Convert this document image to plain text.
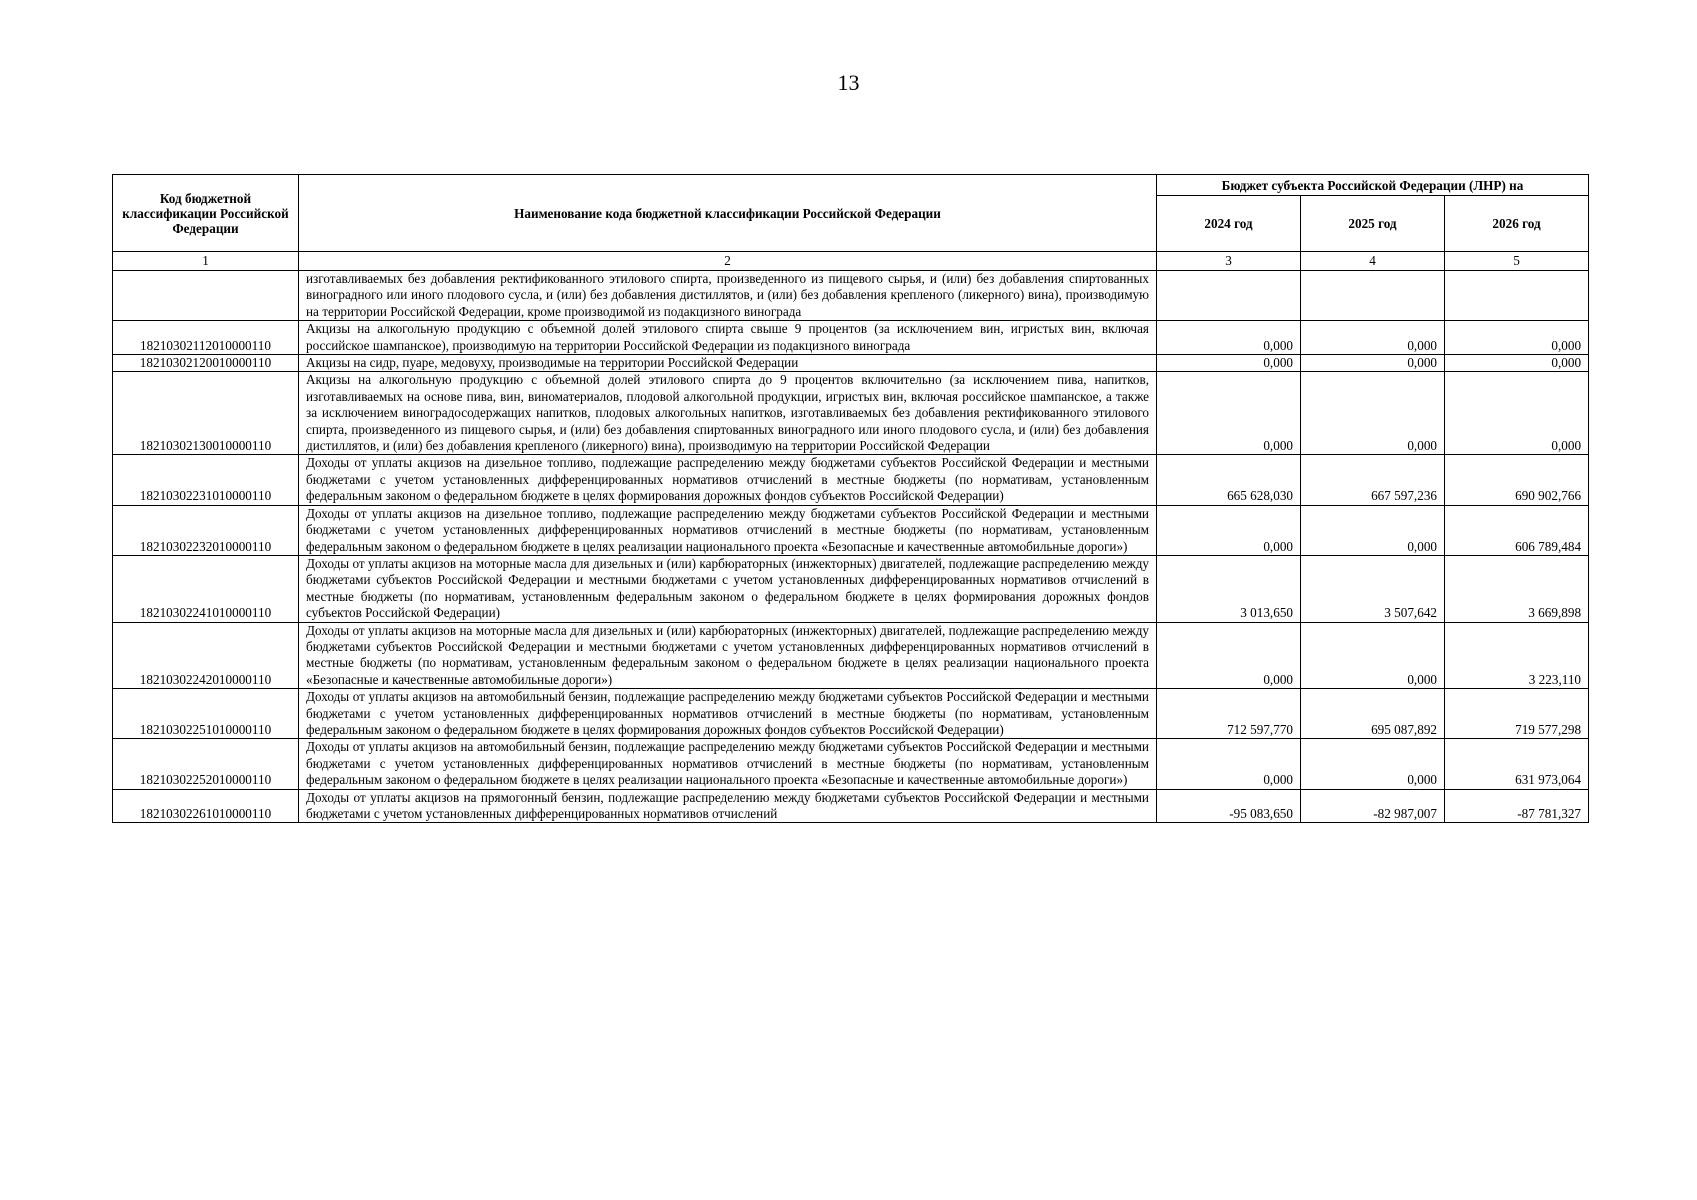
13
Код бюджетной классификации Российской Федерации	Наименование кода бюджетной классификации Российской Федерации	Бюджет субъекта Российской Федерации (ЛНР) на		
		2024 год	2025 год	2026 год
1	2	3	4	5
	изготавливаемых без добавления ректификованного этилового спирта, произведенного из пищевого сырья, и (или) без добавления спиртованных виноградного или иного плодового сусла, и (или) без добавления дистиллятов, и (или) без добавления крепленого (ликерного) вина), производимую на территории Российской Федерации, кроме производимой из подакцизного винограда			
18210302112010000110	Акцизы на алкогольную продукцию с объемной долей этилового спирта свыше 9 процентов (за исключением вин, игристых вин, включая российское шампанское), производимую на территории Российской Федерации из подакцизного винограда	0,000	0,000	0,000
18210302120010000110	Акцизы на сидр, пуаре, медовуху, производимые на территории Российской Федерации	0,000	0,000	0,000
18210302130010000110	Акцизы на алкогольную продукцию с объемной долей этилового спирта до 9 процентов включительно (за исключением пива, напитков, изготавливаемых на основе пива, вин, виноматериалов, плодовой алкогольной продукции, игристых вин, включая российское шампанское, а также за исключением виноградосодержащих напитков, плодовых алкогольных напитков, изготавливаемых без добавления ректификованного этилового спирта, произведенного из пищевого сырья, и (или) без добавления спиртованных виноградного или иного плодового сусла, и (или) без добавления дистиллятов, и (или) без добавления крепленого (ликерного) вина), производимую на территории Российской Федерации	0,000	0,000	0,000
18210302231010000110	Доходы от уплаты акцизов на дизельное топливо, подлежащие распределению между бюджетами субъектов Российской Федерации и местными бюджетами с учетом установленных дифференцированных нормативов отчислений в местные бюджеты (по нормативам, установленным федеральным законом о федеральном бюджете в целях формирования дорожных фондов субъектов Российской Федерации)	665 628,030	667 597,236	690 902,766
18210302232010000110	Доходы от уплаты акцизов на дизельное топливо, подлежащие распределению между бюджетами субъектов Российской Федерации и местными бюджетами с учетом установленных дифференцированных нормативов отчислений в местные бюджеты (по нормативам, установленным федеральным законом о федеральном бюджете в целях реализации национального проекта «Безопасные и качественные автомобильные дороги»)	0,000	0,000	606 789,484
18210302241010000110	Доходы от уплаты акцизов на моторные масла для дизельных и (или) карбюраторных (инжекторных) двигателей, подлежащие распределению между бюджетами субъектов Российской Федерации и местными бюджетами с учетом установленных дифференцированных нормативов отчислений в местные бюджеты (по нормативам, установленным федеральным законом о федеральном бюджете в целях формирования дорожных фондов субъектов Российской Федерации)	3 013,650	3 507,642	3 669,898
18210302242010000110	Доходы от уплаты акцизов на моторные масла для дизельных и (или) карбюраторных (инжекторных) двигателей, подлежащие распределению между бюджетами субъектов Российской Федерации и местными бюджетами с учетом установленных дифференцированных нормативов отчислений в местные бюджеты (по нормативам, установленным федеральным законом о федеральном бюджете в целях реализации национального проекта «Безопасные и качественные автомобильные дороги»)	0,000	0,000	3 223,110
18210302251010000110	Доходы от уплаты акцизов на автомобильный бензин, подлежащие распределению между бюджетами субъектов Российской Федерации и местными бюджетами с учетом установленных дифференцированных нормативов отчислений в местные бюджеты (по нормативам, установленным федеральным законом о федеральном бюджете в целях формирования дорожных фондов субъектов Российской Федерации)	712 597,770	695 087,892	719 577,298
18210302252010000110	Доходы от уплаты акцизов на автомобильный бензин, подлежащие распределению между бюджетами субъектов Российской Федерации и местными бюджетами с учетом установленных дифференцированных нормативов отчислений в местные бюджеты (по нормативам, установленным федеральным законом о федеральном бюджете в целях реализации национального проекта «Безопасные и качественные автомобильные дороги»)	0,000	0,000	631 973,064
18210302261010000110	Доходы от уплаты акцизов на прямогонный бензин, подлежащие распределению между бюджетами субъектов Российской Федерации и местными бюджетами с учетом установленных дифференцированных нормативов отчислений	-95 083,650	-82 987,007	-87 781,327
